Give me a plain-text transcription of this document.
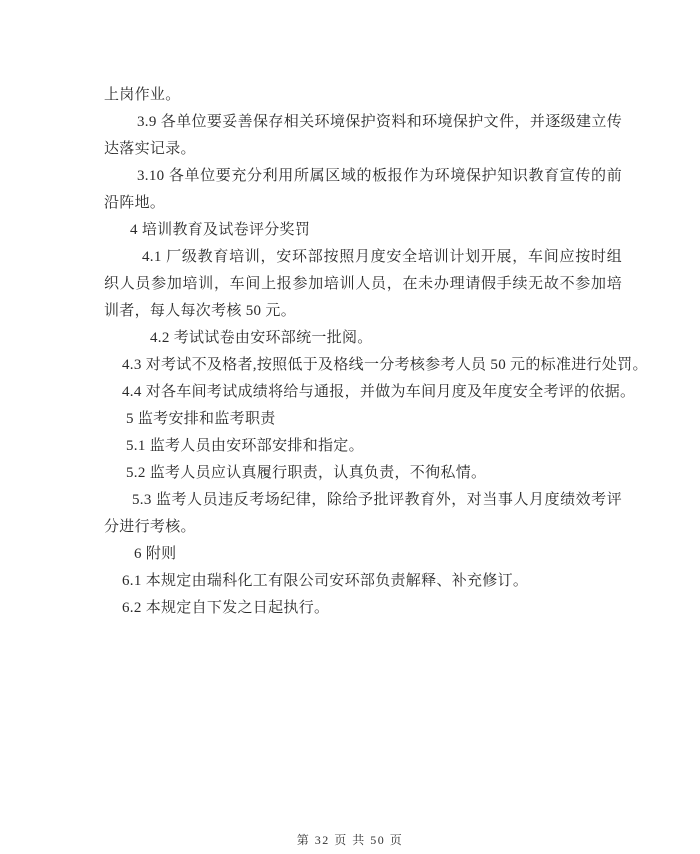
上岗作业。

3.9 各单位要妥善保存相关环境保护资料和环境保护文件，并逐级建立传达落实记录。

3.10 各单位要充分利用所属区域的板报作为环境保护知识教育宣传的前沿阵地。

4 培训教育及试卷评分奖罚

4.1 厂级教育培训，安环部按照月度安全培训计划开展，车间应按时组织人员参加培训，车间上报参加培训人员，在未办理请假手续无故不参加培训者，每人每次考核 50 元。

4.2 考试试卷由安环部统一批阅。

4.3 对考试不及格者,按照低于及格线一分考核参考人员 50 元的标准进行处罚。

4.4 对各车间考试成绩将给与通报，并做为车间月度及年度安全考评的依据。

5 监考安排和监考职责

5.1 监考人员由安环部安排和指定。

5.2 监考人员应认真履行职责，认真负责，不徇私情。

5.3 监考人员违反考场纪律，除给予批评教育外，对当事人月度绩效考评分进行考核。

6 附则

6.1 本规定由瑞科化工有限公司安环部负责解释、补充修订。

6.2 本规定自下发之日起执行。

第 32 页 共 50 页
